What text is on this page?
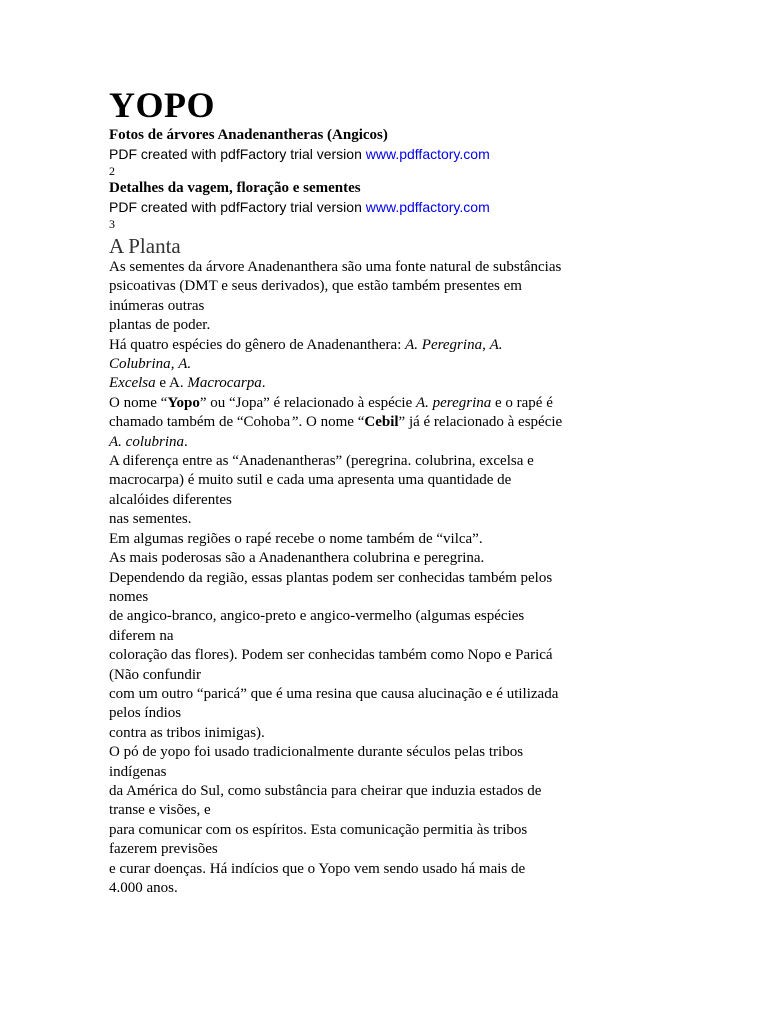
YOPO
Fotos de árvores Anadenantheras (Angicos)
PDF created with pdfFactory trial version www.pdffactory.com
2
Detalhes da vagem, floração e sementes
PDF created with pdfFactory trial version www.pdffactory.com
3
A Planta

As sementes da árvore Anadenanthera são uma fonte natural de substâncias

psicoativas (DMT e seus derivados), que estão também presentes em

inúmeras outras

plantas de poder.

Há quatro espécies do gênero de Anadenanthera: A. Peregrina, A.

Colubrina, A.

Excelsa e A. Macrocarpa.

O nome “Yopo” ou “Jopa” é relacionado à espécie A. peregrina e o rapé é

chamado também de “Cohoba”. O nome “Cebil” já é relacionado à espécie

A. colubrina.

A diferença entre as “Anadenantheras” (peregrina. colubrina, excelsa e

macrocarpa) é muito sutil e cada uma apresenta uma quantidade de

alcalóides diferentes

nas sementes.

Em algumas regiões o rapé recebe o nome também de “vilca”.

As mais poderosas são a Anadenanthera colubrina e peregrina.

Dependendo da região, essas plantas podem ser conhecidas também pelos

nomes

de angico-branco, angico-preto e angico-vermelho (algumas espécies

diferem na

coloração das flores). Podem ser conhecidas também como Nopo e Paricá

(Não confundir

com um outro “paricá” que é uma resina que causa alucinação e é utilizada

pelos índios

contra as tribos inimigas).

O pó de yopo foi usado tradicionalmente durante séculos pelas tribos

indígenas

da América do Sul, como substância para cheirar que induzia estados de

transe e visões, e

para comunicar com os espíritos. Esta comunicação permitia às tribos

fazerem previsões

e curar doenças. Há indícios que o Yopo vem sendo usado há mais de

4.000 anos.
